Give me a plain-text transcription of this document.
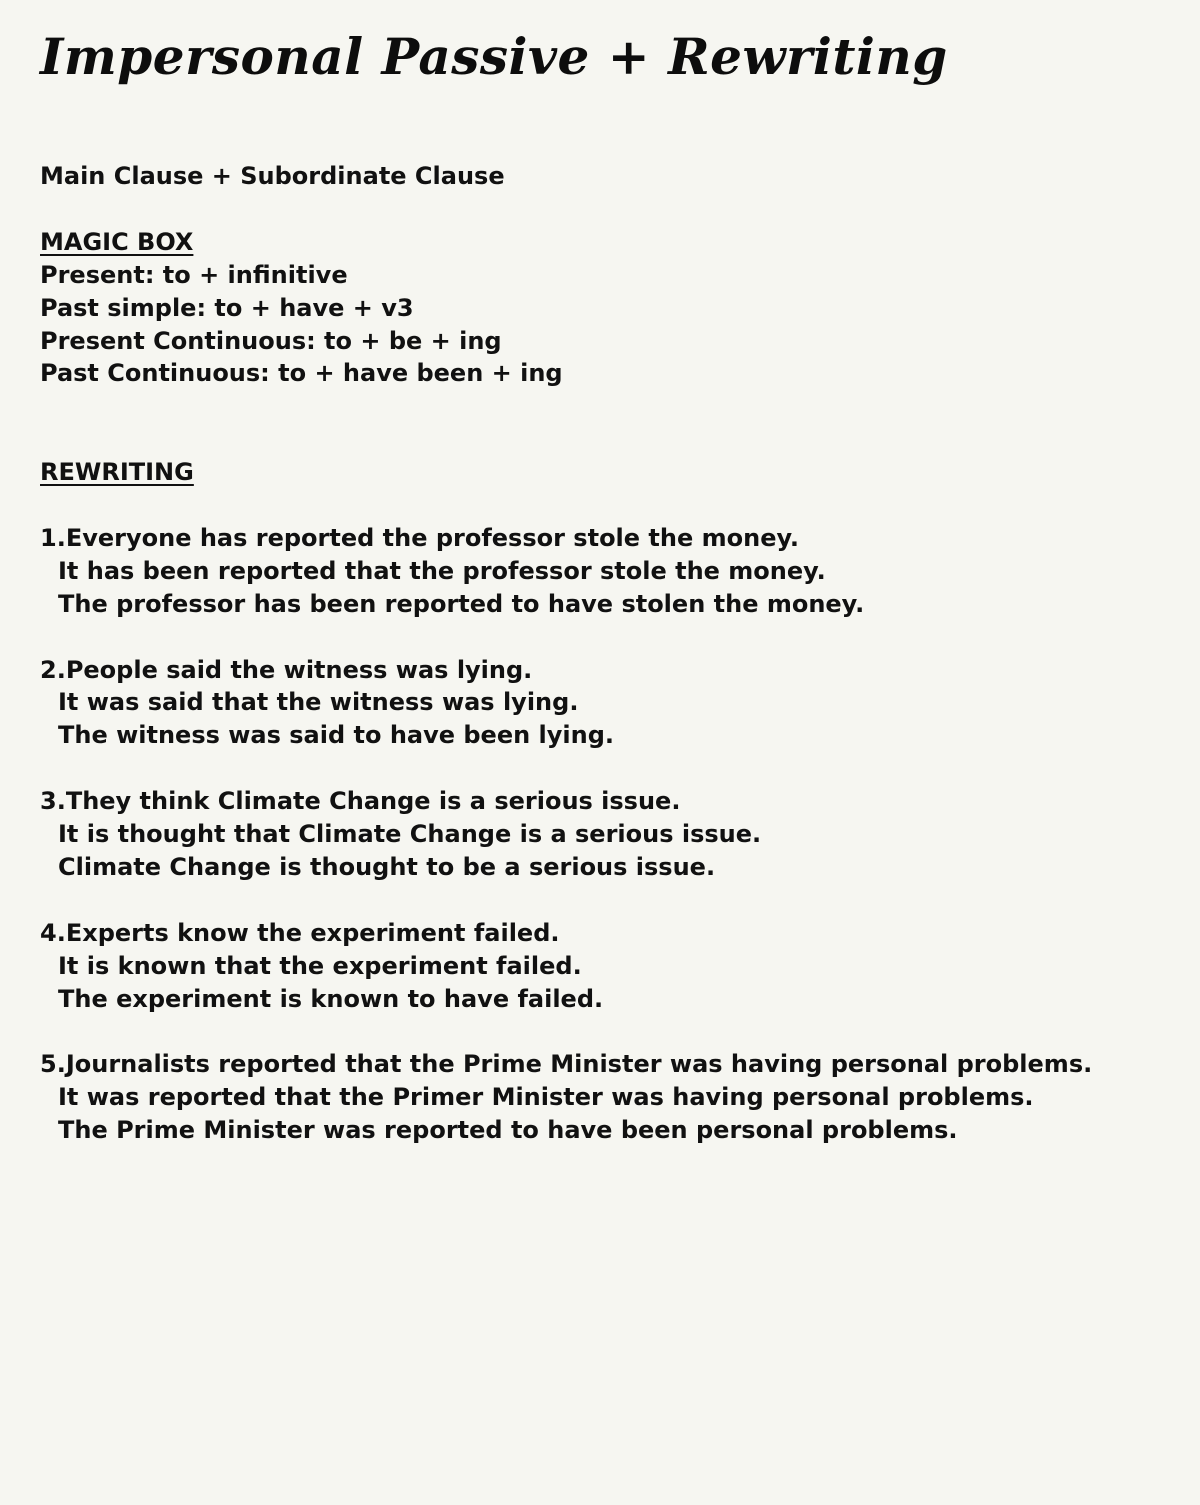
Impersonal Passive + Rewriting
Main Clause + Subordinate Clause
MAGIC BOX
Present: to + infinitive
Past simple: to + have + v3
Present Continuous: to + be + ing
Past Continuous: to + have been + ing
REWRITING
1.Everyone has reported the professor stole the money.
It has been reported that the professor stole the money.
The professor has been reported to have stolen the money.
2.People said the witness was lying.
It was said that the witness was lying.
The witness was said to have been lying.
3.They think Climate Change is a serious issue.
It is thought that Climate Change is a serious issue.
Climate Change is thought to be a serious issue.
4.Experts know the experiment failed.
It is known that the experiment failed.
The experiment is known to have failed.
5.Journalists reported that the Prime Minister was having personal problems.
It was reported that the Primer Minister was having personal problems.
The Prime Minister was reported to have been personal problems.
